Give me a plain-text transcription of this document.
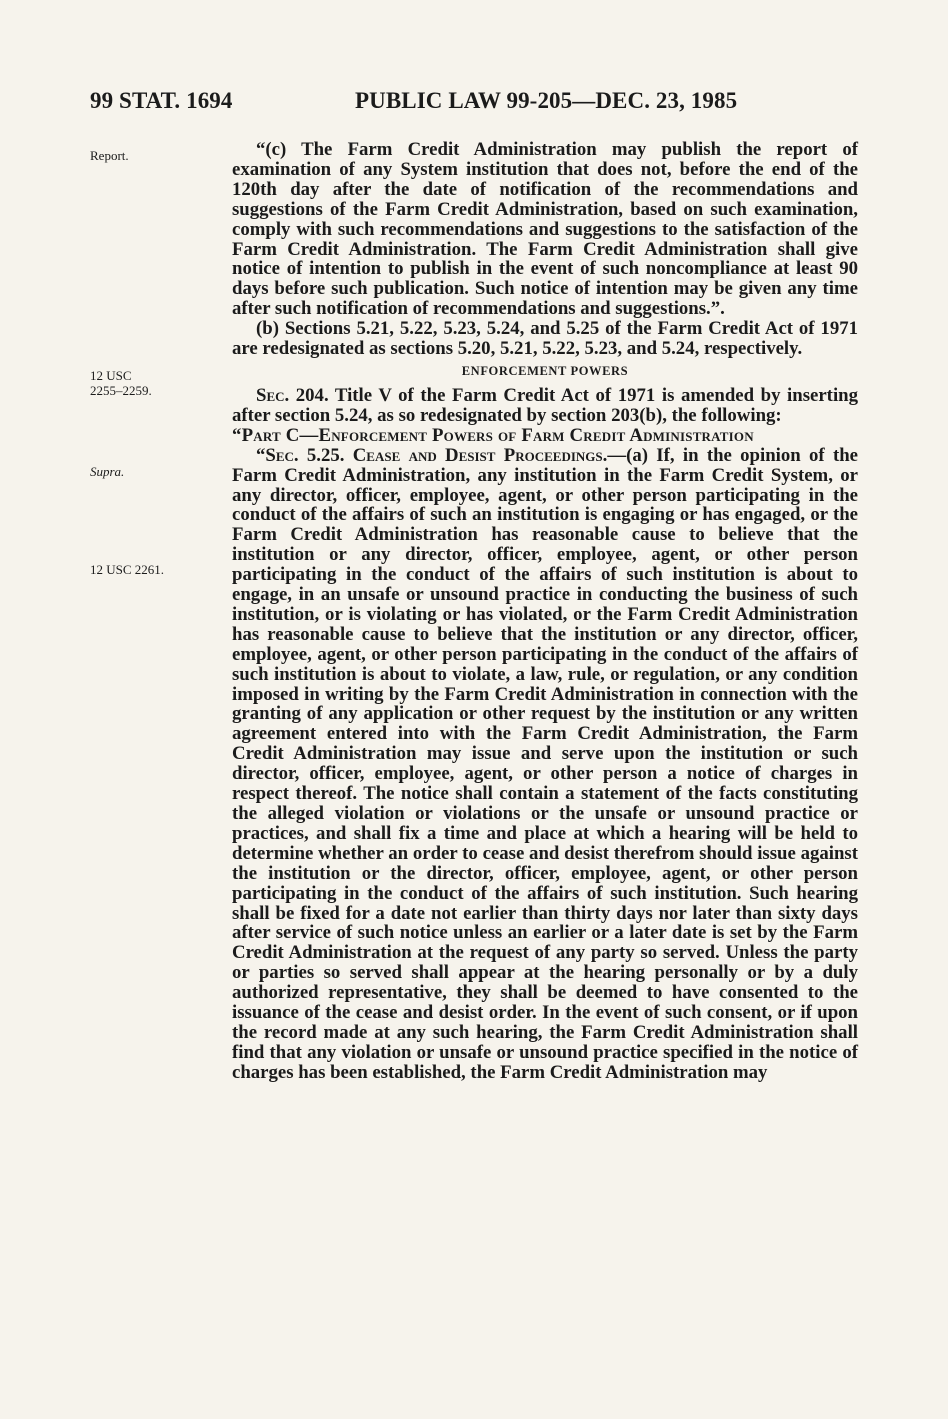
99 STAT. 1694	PUBLIC LAW 99-205—DEC. 23, 1985
Report.
12 USC
2255–2259.
Supra.
12 USC 2261.

“(c) The Farm Credit Administration may publish the report of examination of any System institution that does not, before the end of the 120th day after the date of notification of the recommendations and suggestions of the Farm Credit Administration, based on such examination, comply with such recommendations and suggestions to the satisfaction of the Farm Credit Administration. The Farm Credit Administration shall give notice of intention to publish in the event of such noncompliance at least 90 days before such publication. Such notice of intention may be given any time after such notification of recommendations and suggestions.”.

(b) Sections 5.21, 5.22, 5.23, 5.24, and 5.25 of the Farm Credit Act of 1971 are redesignated as sections 5.20, 5.21, 5.22, 5.23, and 5.24, respectively.

ENFORCEMENT POWERS

Sec. 204. Title V of the Farm Credit Act of 1971 is amended by inserting after section 5.24, as so redesignated by section 203(b), the following:

“Part C—Enforcement Powers of Farm Credit Administration

“Sec. 5.25. Cease and Desist Proceedings.—(a) If, in the opinion of the Farm Credit Administration, any institution in the Farm Credit System, or any director, officer, employee, agent, or other person participating in the conduct of the affairs of such an institution is engaging or has engaged, or the Farm Credit Administration has reasonable cause to believe that the institution or any director, officer, employee, agent, or other person participating in the conduct of the affairs of such institution is about to engage, in an unsafe or unsound practice in conducting the business of such institution, or is violating or has violated, or the Farm Credit Administration has reasonable cause to believe that the institution or any director, officer, employee, agent, or other person participating in the conduct of the affairs of such institution is about to violate, a law, rule, or regulation, or any condition imposed in writing by the Farm Credit Administration in connection with the granting of any application or other request by the institution or any written agreement entered into with the Farm Credit Administration, the Farm Credit Administration may issue and serve upon the institution or such director, officer, employee, agent, or other person a notice of charges in respect thereof. The notice shall contain a statement of the facts constituting the alleged violation or violations or the unsafe or unsound practice or practices, and shall fix a time and place at which a hearing will be held to determine whether an order to cease and desist therefrom should issue against the institution or the director, officer, employee, agent, or other person participating in the conduct of the affairs of such institution. Such hearing shall be fixed for a date not earlier than thirty days nor later than sixty days after service of such notice unless an earlier or a later date is set by the Farm Credit Administration at the request of any party so served. Unless the party or parties so served shall appear at the hearing personally or by a duly authorized representative, they shall be deemed to have consented to the issuance of the cease and desist order. In the event of such consent, or if upon the record made at any such hearing, the Farm Credit Administration shall find that any violation or unsafe or unsound practice specified in the notice of charges has been established, the Farm Credit Administration may
